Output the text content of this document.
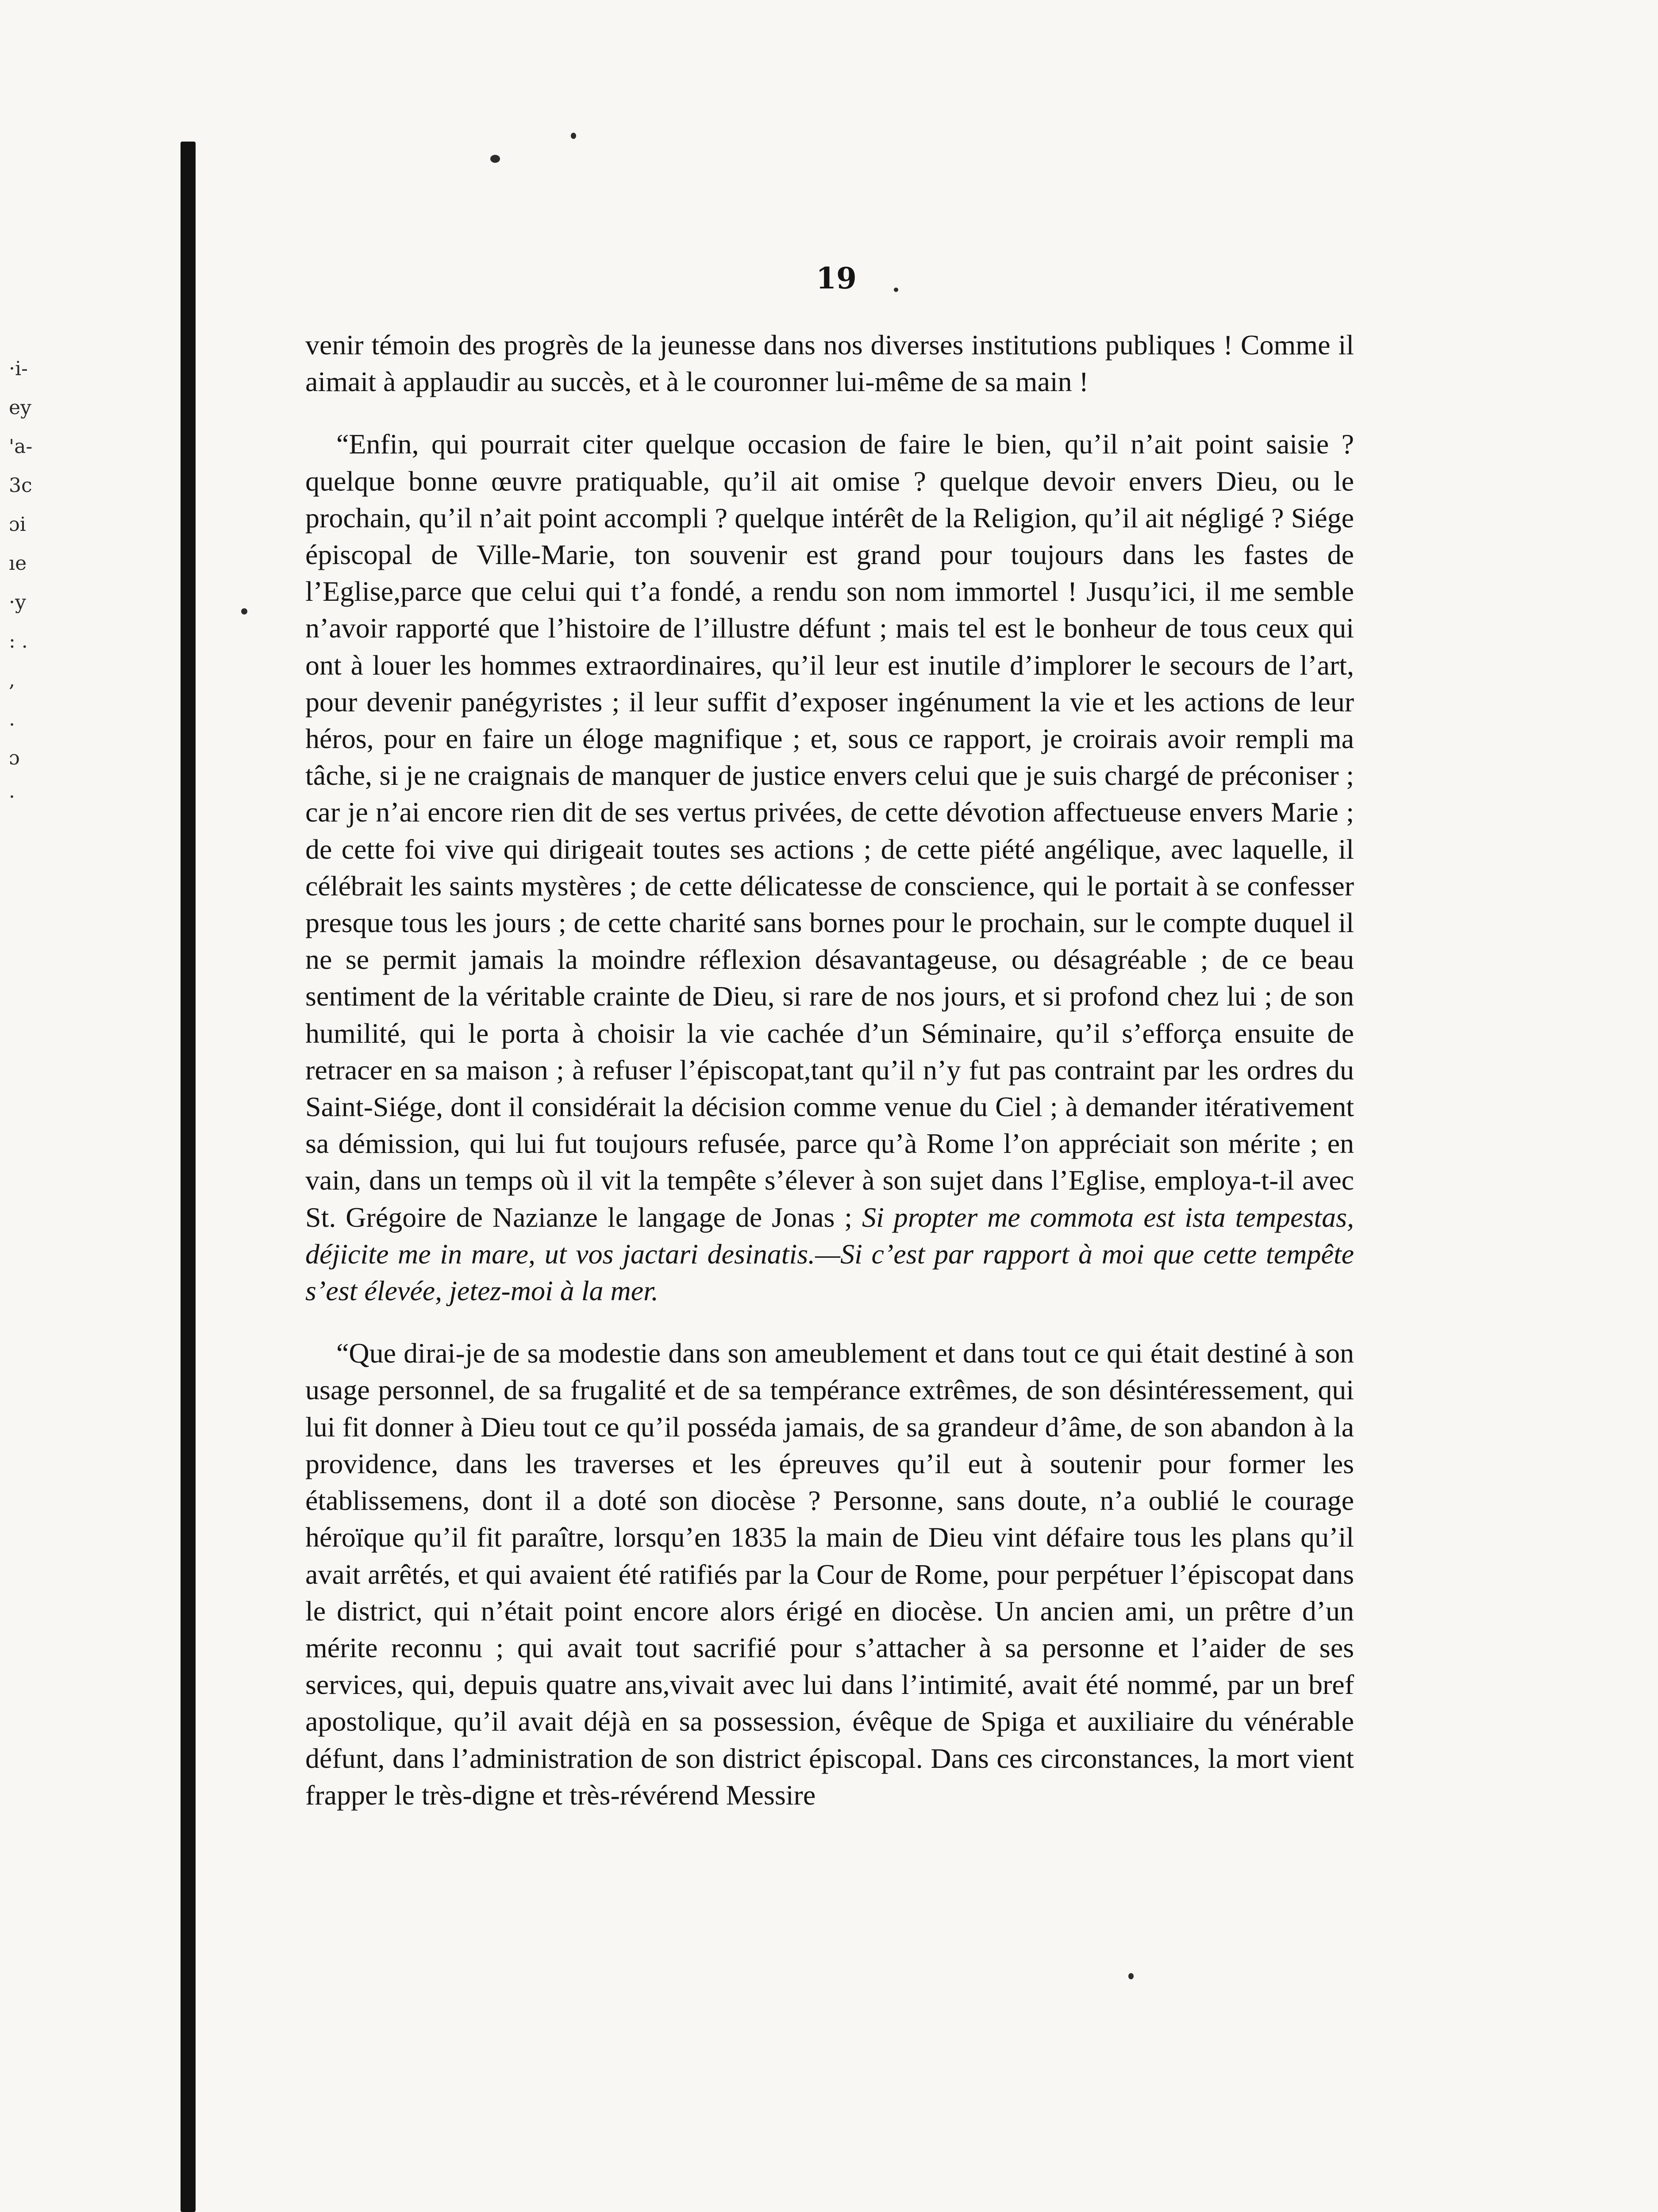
·i-
ey
'a-
3c
ɔi
ıe
·y
: .
,
.
ɔ
·
19

venir témoin des progrès de la jeunesse dans nos diverses institutions publiques ! Comme il aimait à applaudir au succès, et à le couronner lui-même de sa main !

“Enfin, qui pourrait citer quelque occasion de faire le bien, qu’il n’ait point saisie ? quelque bonne œuvre pratiquable, qu’il ait omise ? quelque devoir envers Dieu, ou le prochain, qu’il n’ait point accompli ? quelque intérêt de la Religion, qu’il ait négligé ? Siége épiscopal de Ville-Marie, ton souvenir est grand pour toujours dans les fastes de l’Eglise,parce que celui qui t’a fondé, a rendu son nom immortel ! Jusqu’ici, il me semble n’avoir rapporté que l’histoire de l’illustre défunt ; mais tel est le bonheur de tous ceux qui ont à louer les hommes extraordinaires, qu’il leur est inutile d’implorer le secours de l’art, pour devenir panégyristes ; il leur suffit d’exposer ingénument la vie et les actions de leur héros, pour en faire un éloge magnifique ; et, sous ce rapport, je croirais avoir rempli ma tâche, si je ne craignais de manquer de justice envers celui que je suis chargé de préconiser ; car je n’ai encore rien dit de ses vertus privées, de cette dévotion affectueuse envers Marie ; de cette foi vive qui dirigeait toutes ses actions ; de cette piété angélique, avec laquelle, il célébrait les saints mystères ; de cette délicatesse de conscience, qui le portait à se confesser presque tous les jours ; de cette charité sans bornes pour le prochain, sur le compte duquel il ne se permit jamais la moindre réflexion désavantageuse, ou désagréable ; de ce beau sentiment de la véritable crainte de Dieu, si rare de nos jours, et si profond chez lui ; de son humilité, qui le porta à choisir la vie cachée d’un Séminaire, qu’il s’efforça ensuite de retracer en sa maison ; à refuser l’épiscopat,tant qu’il n’y fut pas contraint par les ordres du Saint-Siége, dont il considérait la décision comme venue du Ciel ; à demander itérativement sa démission, qui lui fut toujours refusée, parce qu’à Rome l’on appréciait son mérite ; en vain, dans un temps où il vit la tempête s’élever à son sujet dans l’Eglise, employa-t-il avec St. Grégoire de Nazianze le langage de Jonas ; Si propter me commota est ista tempestas, déjicite me in mare, ut vos jactari desinatis.—Si c’est par rapport à moi que cette tempête s’est élevée, jetez-moi à la mer.

“Que dirai-je de sa modestie dans son ameublement et dans tout ce qui était destiné à son usage personnel, de sa frugalité et de sa tempérance extrêmes, de son désintéressement, qui lui fit donner à Dieu tout ce qu’il posséda jamais, de sa grandeur d’âme, de son abandon à la providence, dans les traverses et les épreuves qu’il eut à soutenir pour former les établissemens, dont il a doté son diocèse ? Personne, sans doute, n’a oublié le courage héroïque qu’il fit paraître, lorsqu’en 1835 la main de Dieu vint défaire tous les plans qu’il avait arrêtés, et qui avaient été ratifiés par la Cour de Rome, pour perpétuer l’épiscopat dans le district, qui n’était point encore alors érigé en diocèse. Un ancien ami, un prêtre d’un mérite reconnu ; qui avait tout sacrifié pour s’attacher à sa personne et l’aider de ses services, qui, depuis quatre ans,vivait avec lui dans l’intimité, avait été nommé, par un bref apostolique, qu’il avait déjà en sa possession, évêque de Spiga et auxiliaire du vénérable défunt, dans l’administration de son district épiscopal. Dans ces circonstances, la mort vient frapper le très-digne et très-révérend Messire
